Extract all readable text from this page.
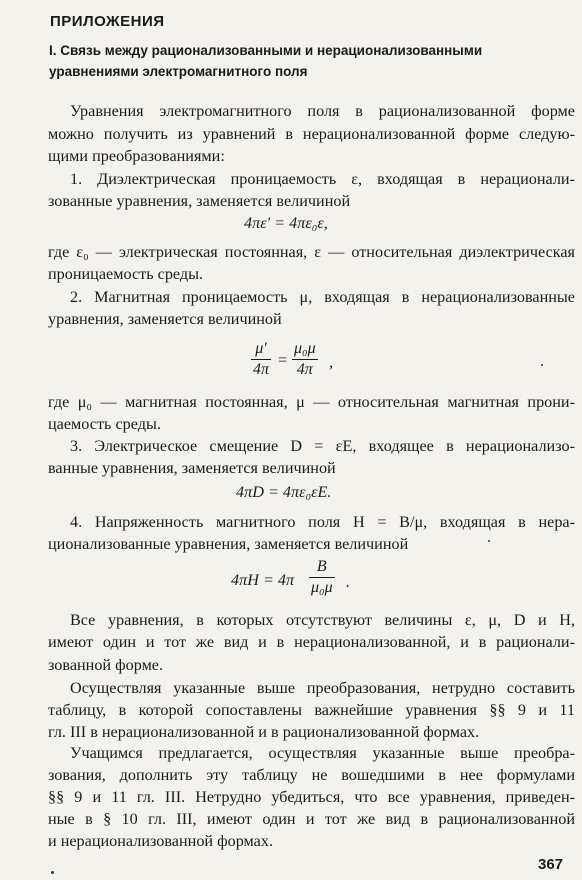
ПРИЛОЖЕНИЯ
I. Связь между рационализованными и нерационализованными
уравнениями электромагнитного поля
Уравнения электромагнитного поля в рационализованной форме
можно получить из уравнений в нерационализованной форме следую-
щими преобразованиями:
1. Диэлектрическая проницаемость ε, входящая в нерационали-
зованные уравнения, заменяется величиной
4πε′ = 4πε₀ε,
где ε₀ — электрическая постоянная, ε — относительная диэлектрическая
проницаемость среды.
2. Магнитная проницаемость μ, входящая в нерационализованные
уравнения, заменяется величиной
$\frac{\mu'}{4\pi} = \frac{\text{μ₀μ}}{4\pi}$ ,
где μ₀ — магнитная постоянная, μ — относительная магнитная прони-
цаемость среды.
3. Электрическое смещение D = εE, входящее в нерационализо-
ванные уравнения, заменяется величиной
4πD = 4πε₀εE.
4. Напряженность магнитного поля H = B/μ, входящая в нера-
ционализованные уравнения, заменяется величиной
$4\pi H = 4\pi \frac{B}{\text{μ₀μ}}$ .
Все уравнения, в которых отсутствуют величины ε, μ, D и H,
имеют один и тот же вид и в нерационализованной, и в рационали-
зованной форме.
Осуществляя указанные выше преобразования, нетрудно составить
таблицу, в которой сопоставлены важнейшие уравнения §§ 9 и 11
гл. III в нерационализованной и в рационализованной формах.
Учащимся предлагается, осуществляя указанные выше преобра-
зования, дополнить эту таблицу не вошедшими в нее формулами
§§ 9 и 11 гл. III. Нетрудно убедиться, что все уравнения, приведен-
ные в § 10 гл. III, имеют один и тот же вид в рационализованной
и нерационализованной формах.
367
